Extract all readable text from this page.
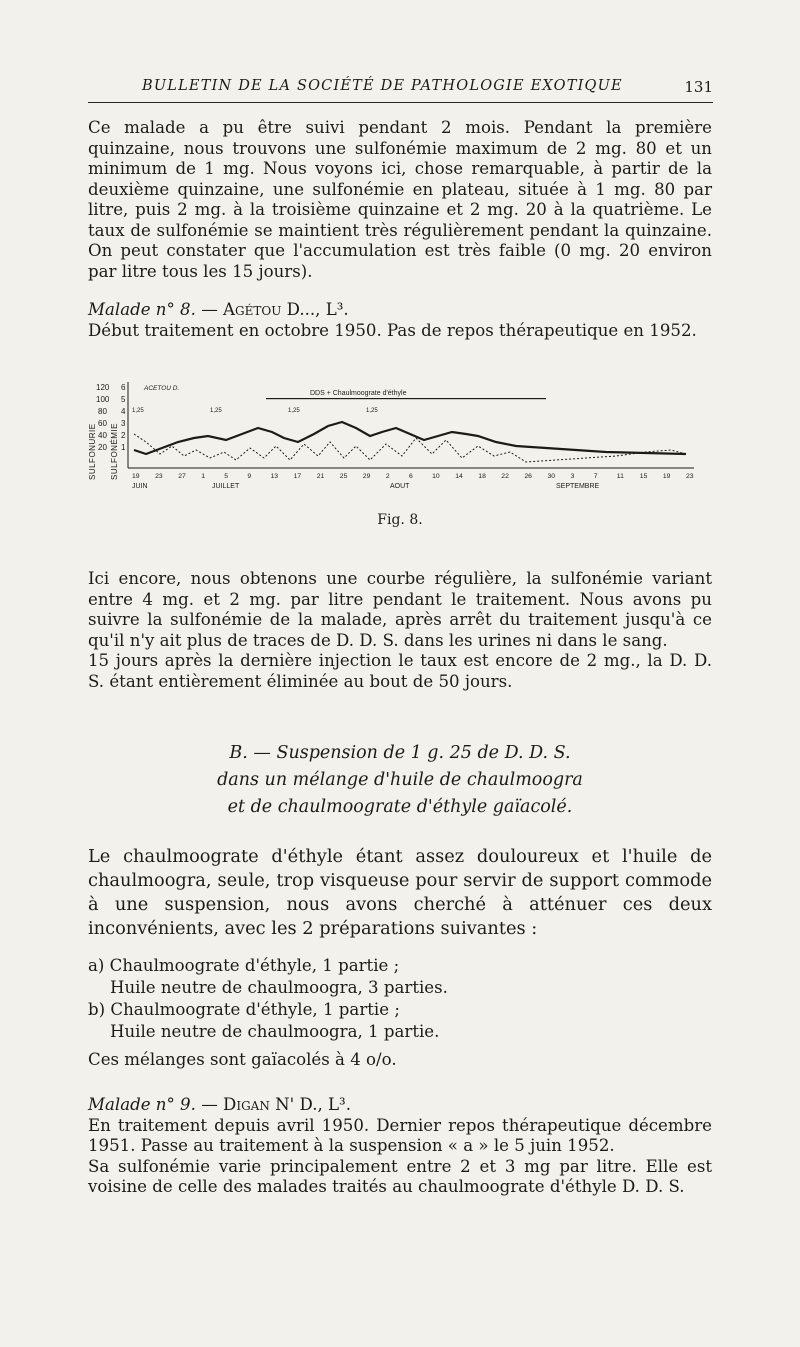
BULLETIN DE LA SOCIÉTÉ DE PATHOLOGIE EXOTIQUE	131

Ce malade a pu être suivi pendant 2 mois. Pendant la première quinzaine, nous trouvons une sulfonémie maximum de 2 mg. 80 et un minimum de 1 mg. Nous voyons ici, chose remarquable, à partir de la deuxième quinzaine, une sulfonémie en plateau, située à 1 mg. 80 par litre, puis 2 mg. à la troisième quinzaine et 2 mg. 20 à la quatrième. Le taux de sulfonémie se maintient très régulièrement pendant la quinzaine. On peut constater que l'accumulation est très faible (0 mg. 20 environ par litre tous les 15 jours).

Malade n° 8. — Agétou D..., L³.

Début traitement en octobre 1950. Pas de repos thérapeutique en 1952.

SULFONURIE SULFONÉMIE
120
100
80
60
40
20
6
5
4
3
2
1
ACETOU D.
DDS + Chaulmoograte d'éthyle
1,25	1,25	1,25	1,25
19 23 27 1	5	9	13 17 21 25 29 2	6	10 14 18 22 26 30 3	7	11 15 19 23
JUIN	JUILLET	AOUT	SEPTEMBRE
Fig. 8.

Ici encore, nous obtenons une courbe régulière, la sulfonémie variant entre 4 mg. et 2 mg. par litre pendant le traitement. Nous avons pu suivre la sulfonémie de la malade, après arrêt du traitement jusqu'à ce qu'il n'y ait plus de traces de D. D. S. dans les urines ni dans le sang.

15 jours après la dernière injection le taux est encore de 2 mg., la D. D. S. étant entièrement éliminée au bout de 50 jours.

B. — Suspension de 1 g. 25 de D. D. S.
dans un mélange d'huile de chaulmoogra
et de chaulmoograte d'éthyle gaïacolé.

Le chaulmoograte d'éthyle étant assez douloureux et l'huile de chaulmoogra, seule, trop visqueuse pour servir de support commode à une suspension, nous avons cherché à atténuer ces deux inconvénients, avec les 2 préparations suivantes :

a) Chaulmoograte d'éthyle, 1 partie ;
Huile neutre de chaulmoogra, 3 parties.
b) Chaulmoograte d'éthyle, 1 partie ;
Huile neutre de chaulmoogra, 1 partie.
Ces mélanges sont gaïacolés à 4 o/o.

Malade n° 9. — Digan N' D., L³.

En traitement depuis avril 1950. Dernier repos thérapeutique décembre 1951. Passe au traitement à la suspension « a » le 5 juin 1952.

Sa sulfonémie varie principalement entre 2 et 3 mg par litre. Elle est voisine de celle des malades traités au chaulmoograte d'éthyle D. D. S.
